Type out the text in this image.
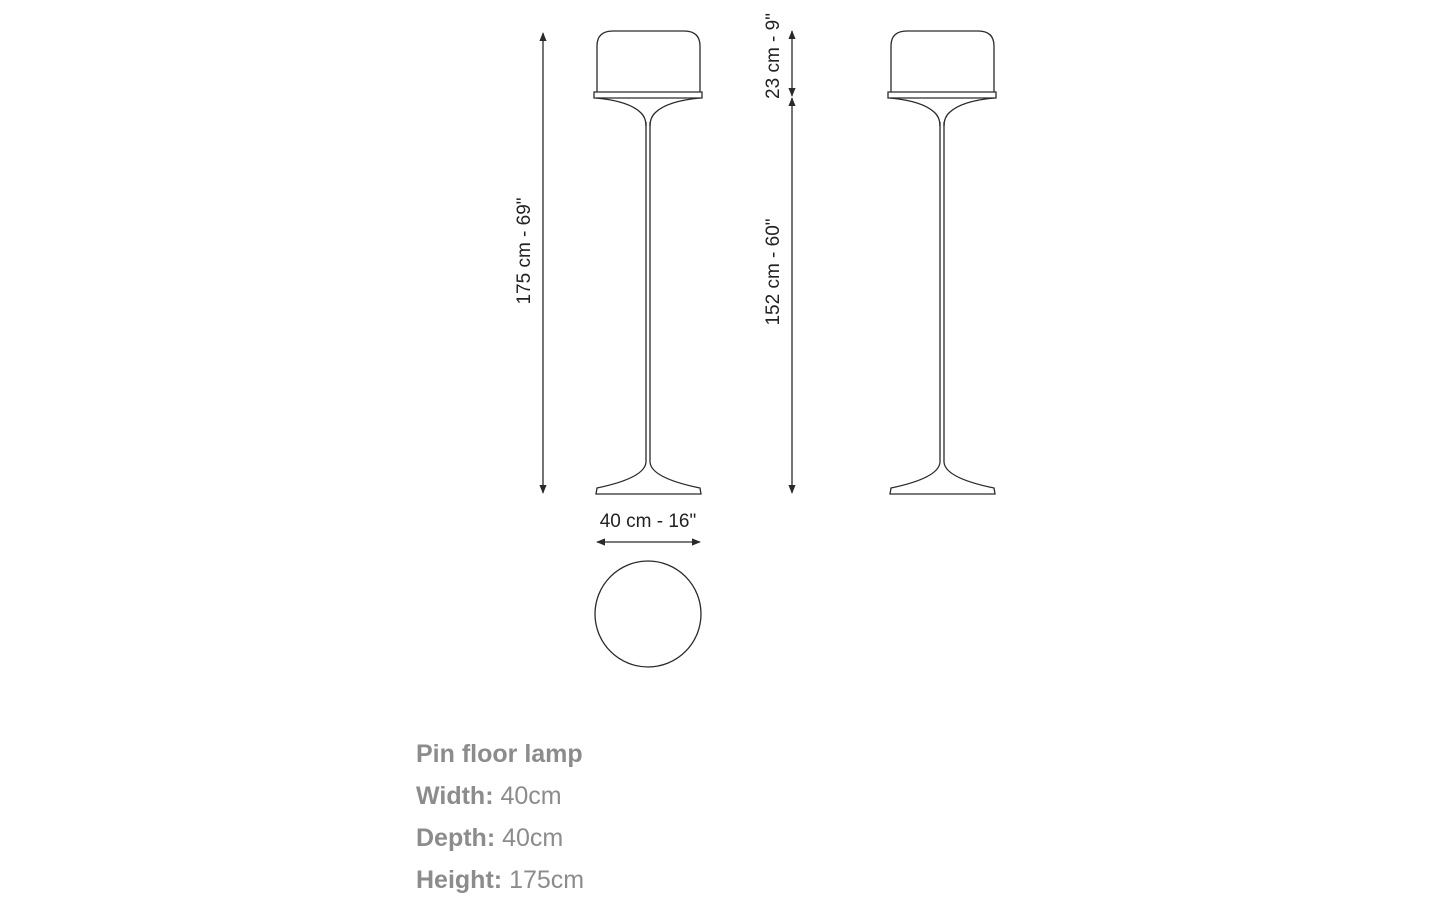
175 cm - 69"
40 cm - 16"
23 cm - 9"
152 cm - 60"
Pin floor lamp
Width: 40cm
Depth: 40cm
Height: 175cm
